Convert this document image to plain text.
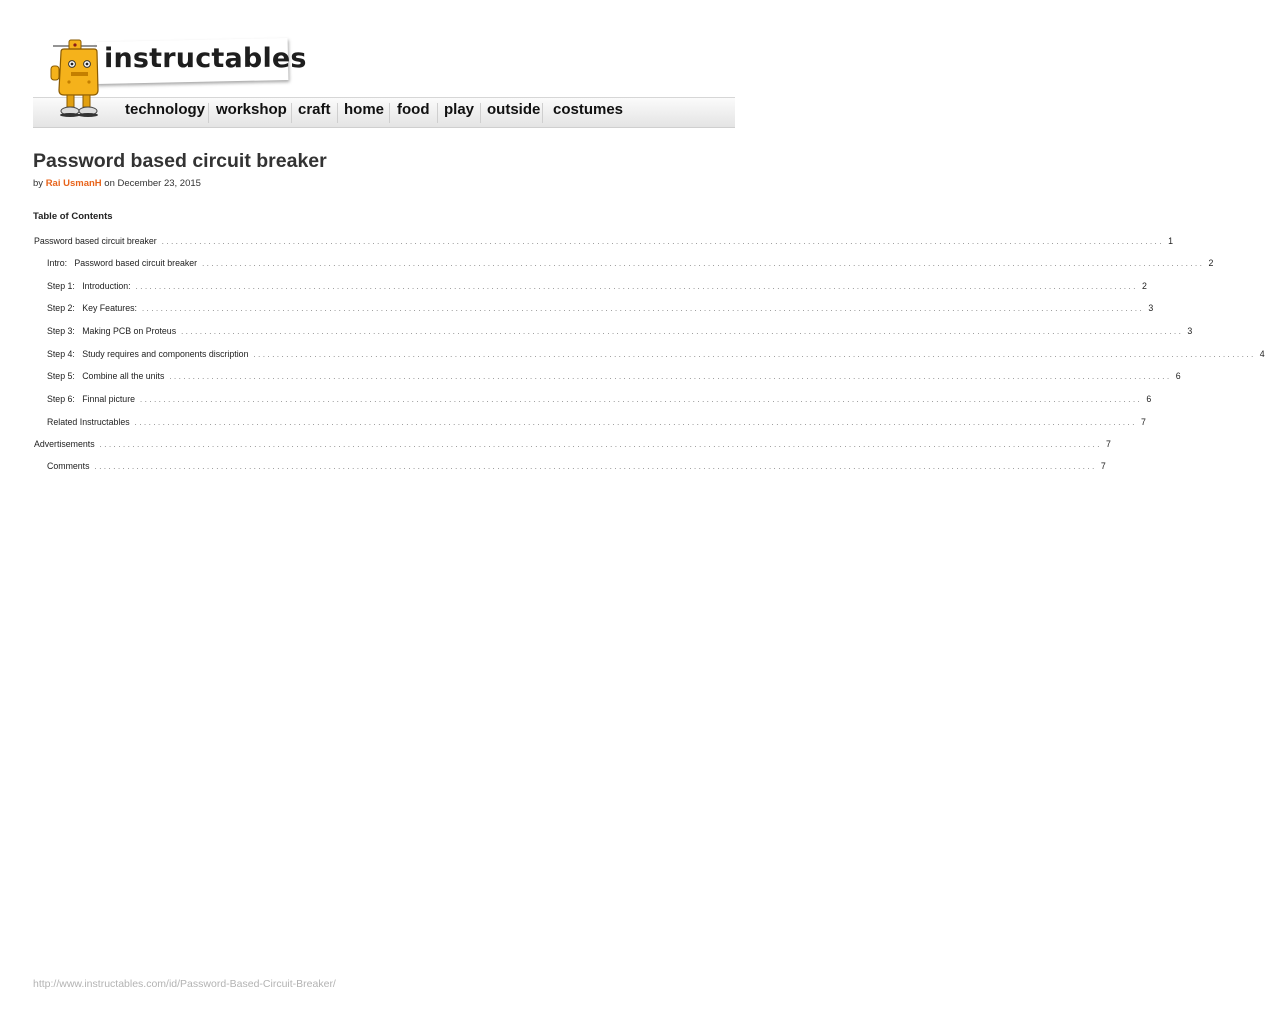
technology workshop craft home food play outside costumes
instructables
Password based circuit breaker
by Rai UsmanH on December 23, 2015
Table of Contents
Password based circuit breaker ...................................................................................................................................................................................................................... 1
Intro:   Password based circuit breaker ...................................................................................................................................................................................................................... 2
Step 1:   Introduction: ...................................................................................................................................................................................................................... 2
Step 2:   Key Features: ...................................................................................................................................................................................................................... 3
Step 3:   Making PCB on Proteus ...................................................................................................................................................................................................................... 3
Step 4:   Study requires and components discription ...................................................................................................................................................................................................................... 4
Step 5:   Combine all the units ...................................................................................................................................................................................................................... 6
Step 6:   Finnal picture ...................................................................................................................................................................................................................... 6
Related Instructables ...................................................................................................................................................................................................................... 7
Advertisements ...................................................................................................................................................................................................................... 7
Comments ...................................................................................................................................................................................................................... 7
http://www.instructables.com/id/Password-Based-Circuit-Breaker/
